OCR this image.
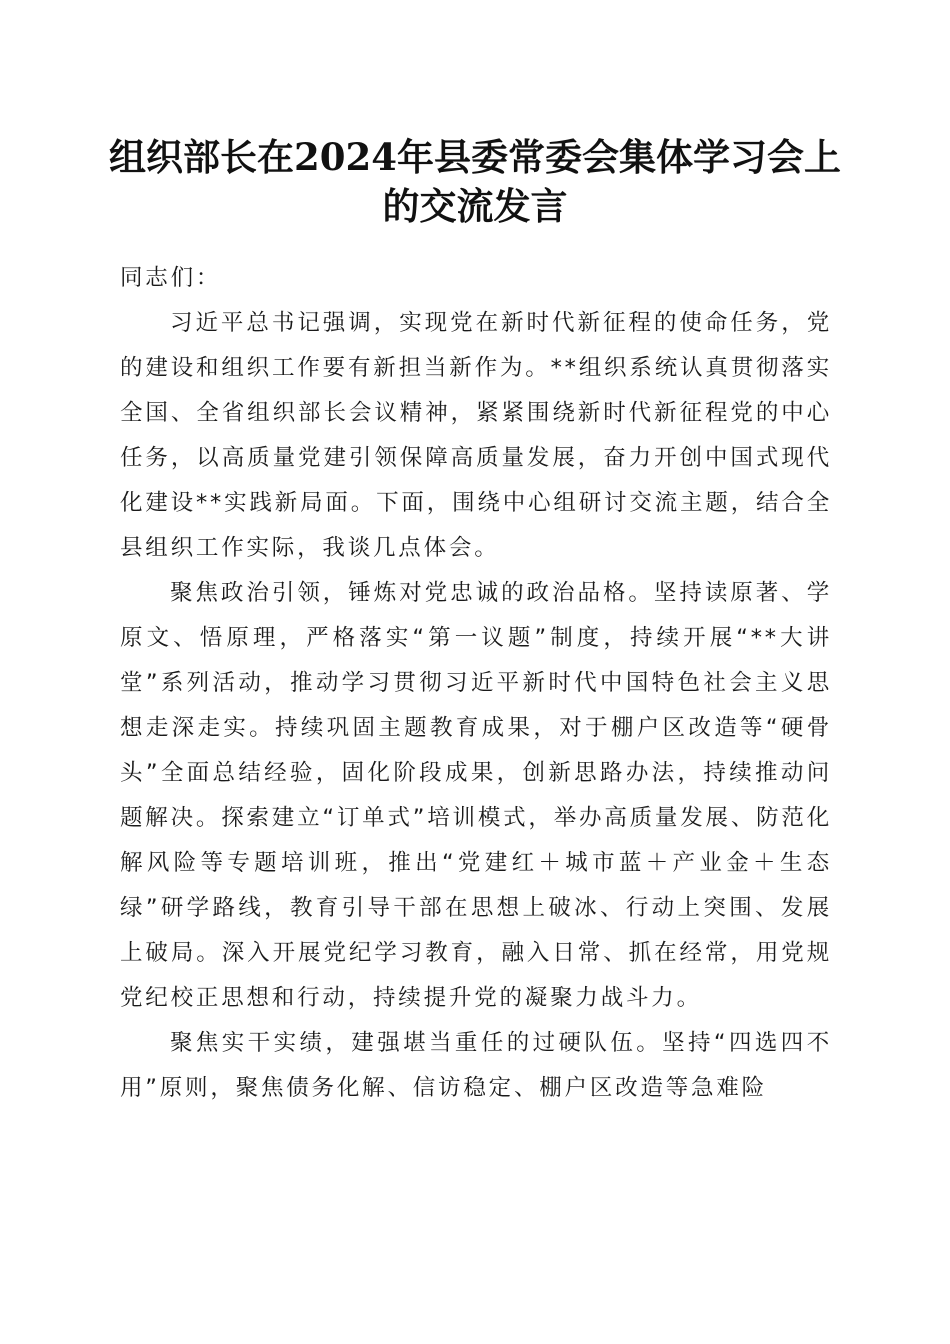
组织部长在2024年县委常委会集体学习会上
的交流发言

同志们：

习近平总书记强调，实现党在新时代新征程的使命任务，党的建设和组织工作要有新担当新作为。**组织系统认真贯彻落实全国、全省组织部长会议精神，紧紧围绕新时代新征程党的中心任务，以高质量党建引领保障高质量发展，奋力开创中国式现代化建设**实践新局面。下面，围绕中心组研讨交流主题，结合全县组织工作实际，我谈几点体会。

聚焦政治引领，锤炼对党忠诚的政治品格。坚持读原著、学原文、悟原理，严格落实“第一议题”制度，持续开展“**大讲堂”系列活动，推动学习贯彻习近平新时代中国特色社会主义思想走深走实。持续巩固主题教育成果，对于棚户区改造等“硬骨头”全面总结经验，固化阶段成果，创新思路办法，持续推动问题解决。探索建立“订单式”培训模式，举办高质量发展、防范化解风险等专题培训班，推出“党建红＋城市蓝＋产业金＋生态绿”研学路线，教育引导干部在思想上破冰、行动上突围、发展上破局。深入开展党纪学习教育，融入日常、抓在经常，用党规党纪校正思想和行动，持续提升党的凝聚力战斗力。

聚焦实干实绩，建强堪当重任的过硬队伍。坚持“四选四不用”原则，聚焦债务化解、信访稳定、棚户区改造等急难险
